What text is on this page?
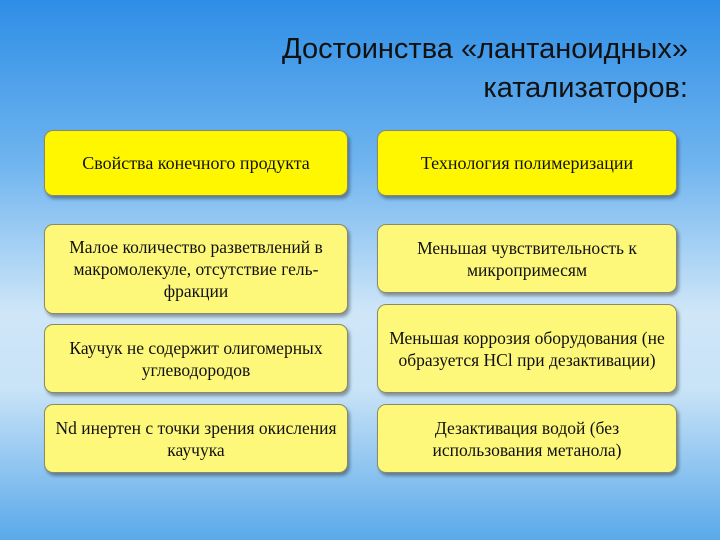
Достоинства «лантаноидных»
катализаторов:
Свойства конечного продукта	Технология полимеризации
Малое количество разветвлений в макромолекуле, отсутствие гель-фракции
Каучук не содержит олигомерных углеводородов
Nd инертен с точки зрения окисления каучука
Меньшая чувствительность к микропримесям
Меньшая коррозия оборудования (не образуется HCl при дезактивации)
Дезактивация водой (без использования метанола)
